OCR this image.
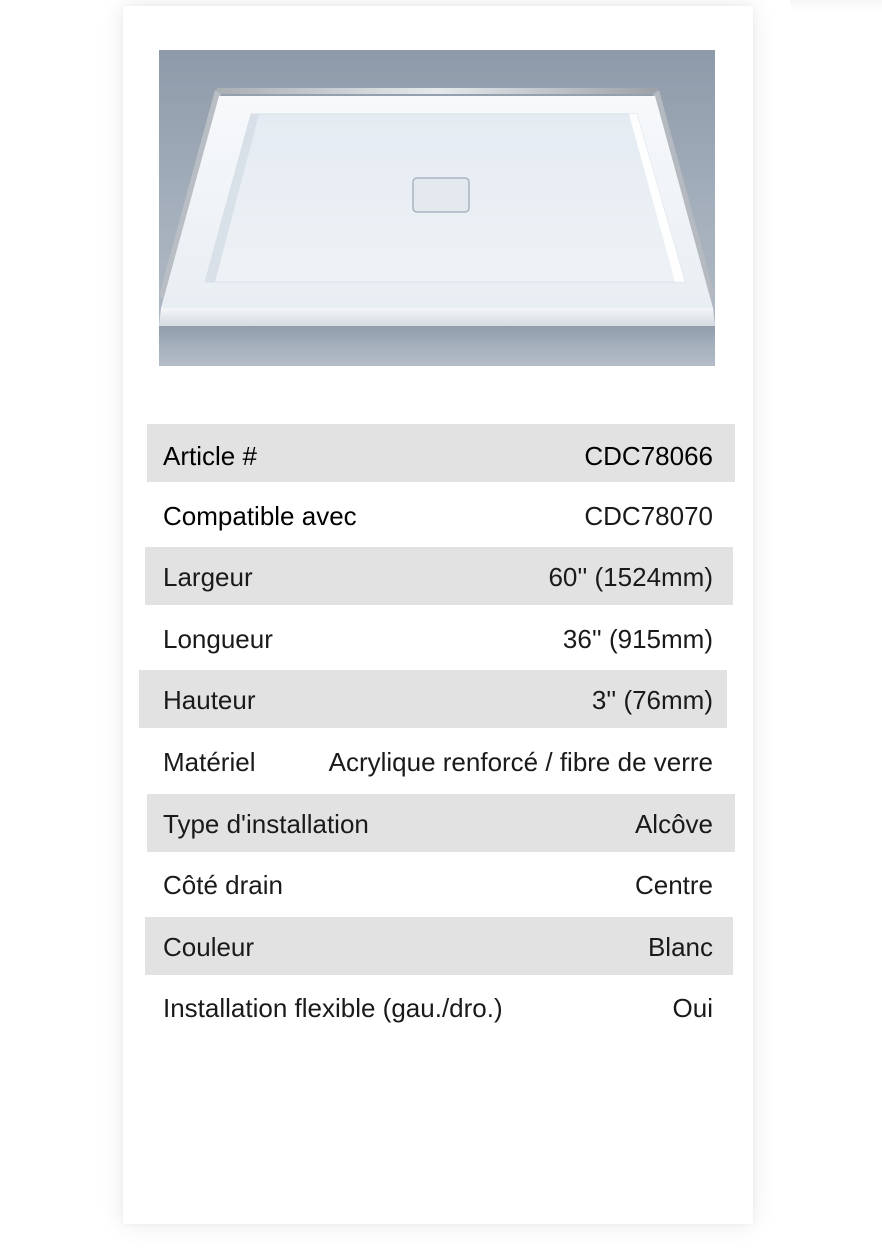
Article #	CDC78066
Compatible avec	CDC78070
Largeur	60'' (1524mm)
Longueur	36'' (915mm)
Hauteur	3'' (76mm)
Matériel	Acrylique renforcé / fibre de verre
Type d'installation	Alcôve
Côté drain	Centre
Couleur	Blanc
Installation flexible (gau./dro.)	Oui
